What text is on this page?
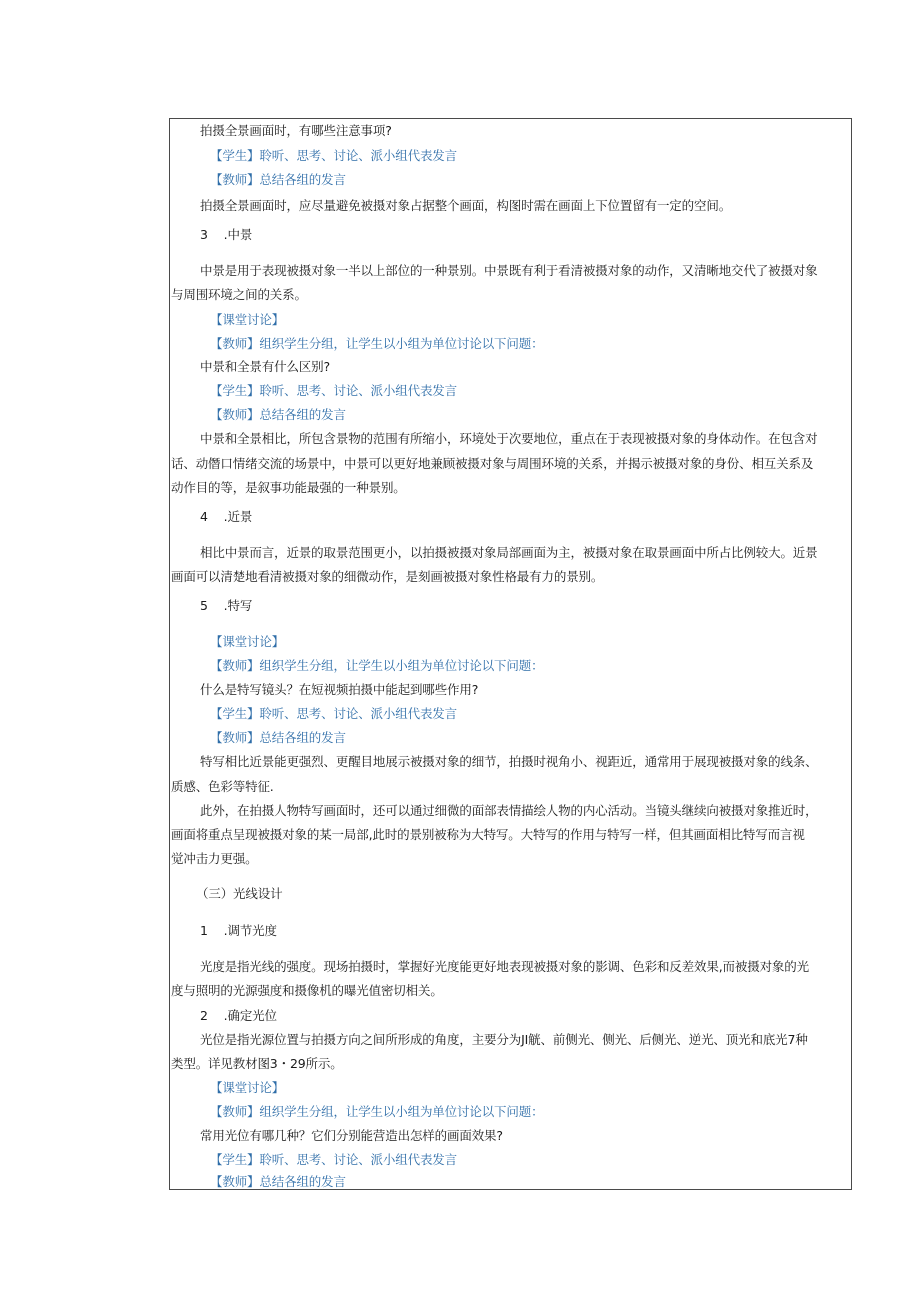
拍摄全景画面时，有哪些注意事项?
【学生】聆听、思考、讨论、派小组代表发言
【教师】总结各组的发言
拍摄全景画面时，应尽量避免被摄对象占据整个画面，构图时需在画面上下位置留有一定的空间。
3  .中景
中景是用于表现被摄对象一半以上部位的一种景别。中景既有利于看清被摄对象的动作，又清晰地交代了被摄对象
与周围环境之间的关系。
【课堂讨论】
【教师】组织学生分组，让学生以小组为单位讨论以下问题：
中景和全景有什么区别?
【学生】聆听、思考、讨论、派小组代表发言
【教师】总结各组的发言
中景和全景相比，所包含景物的范围有所缩小，环境处于次要地位，重点在于表现被摄对象的身体动作。在包含对
话、动僭口情绪交流的场景中，中景可以更好地兼顾被摄对象与周围环境的关系，并揭示被摄对象的身份、相互关系及
动作目的等，是叙事功能最强的一种景别。
4  .近景
相比中景而言，近景的取景范围更小，以拍摄被摄对象局部画面为主，被摄对象在取景画面中所占比例较大。近景
画面可以清楚地看清被摄对象的细微动作，是刻画被摄对象性格最有力的景别。
5  .特写
【课堂讨论】
【教师】组织学生分组，让学生以小组为单位讨论以下问题：
什么是特写镜头？在短视频拍摄中能起到哪些作用?
【学生】聆听、思考、讨论、派小组代表发言
【教师】总结各组的发言
特写相比近景能更强烈、更醒目地展示被摄对象的细节，拍摄时视角小、视距近，通常用于展现被摄对象的线条、
质感、色彩等特征.
此外，在拍摄人物特写画面时，还可以通过细微的面部表情描绘人物的内心活动。当镜头继续向被摄对象推近时，
画面将重点呈现被摄对象的某一局部,此时的景别被称为大特写。大特写的作用与特写一样，但其画面相比特写而言视
觉冲击力更强。
（三）光线设计
1  .调节光度
光度是指光线的强度。现场拍摄时，掌握好光度能更好地表现被摄对象的影调、色彩和反差效果,而被摄对象的光
度与照明的光源强度和摄像机的曝光值密切相关。
2  .确定光位
光位是指光源位置与拍摄方向之间所形成的角度，主要分为JI觥、前侧光、侧光、后侧光、逆光、顶光和底光7种
类型。详见教材图3・29所示。
【课堂讨论】
【教师】组织学生分组，让学生以小组为单位讨论以下问题：
常用光位有哪几种？它们分别能营造出怎样的画面效果?
【学生】聆听、思考、讨论、派小组代表发言
【教师】总结各组的发言
